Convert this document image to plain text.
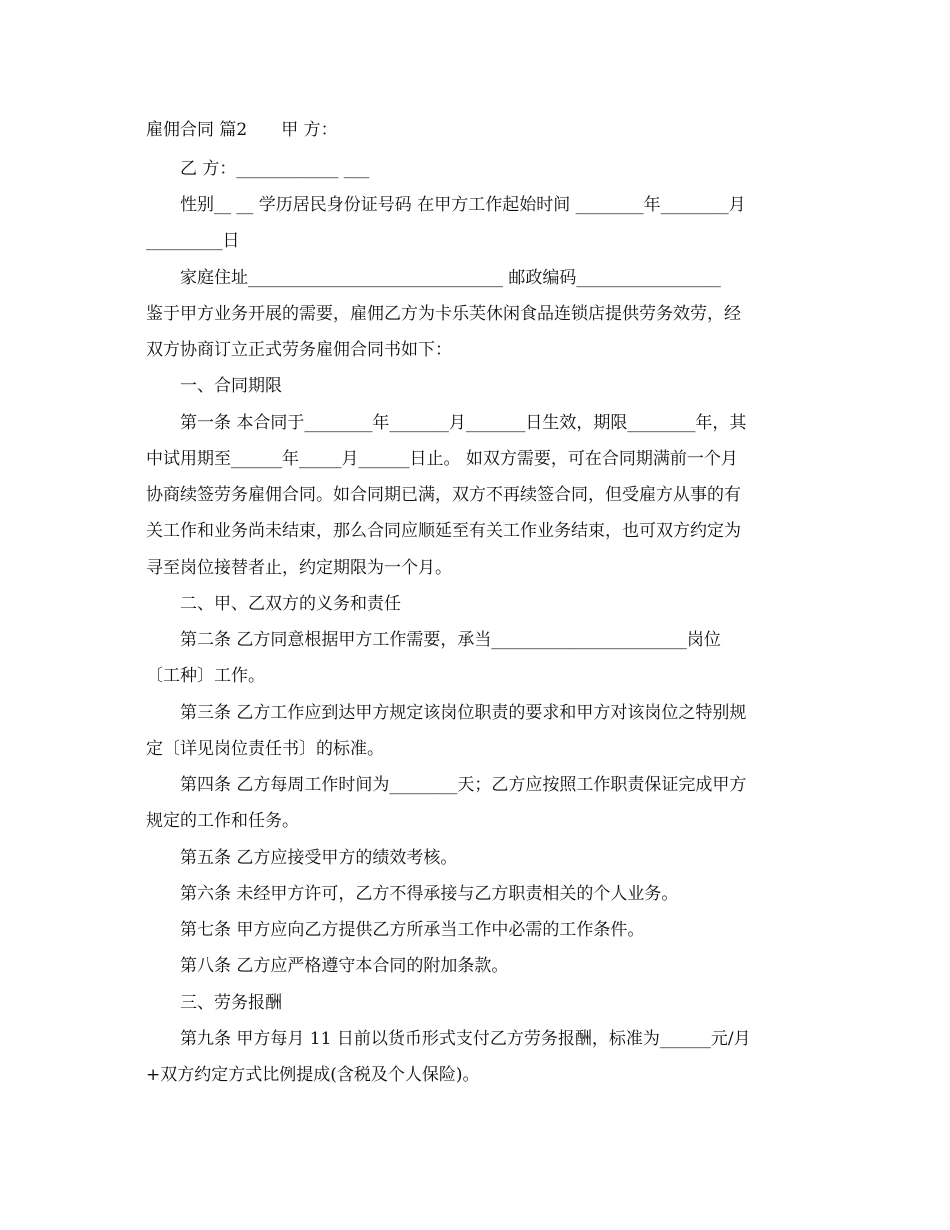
雇佣合同 篇2　　甲 方：
乙 方：____________ ___
性别__ __ 学历居民身份证号码 在甲方工作起始时间 ________年________月
_________日
家庭住址______________________________ 邮政编码_________________
鉴于甲方业务开展的需要，雇佣乙方为卡乐芙休闲食品连锁店提供劳务效劳，经
双方协商订立正式劳务雇佣合同书如下：
一、合同期限
第一条 本合同于________年_______月_______日生效，期限________年，其
中试用期至______年_____月______日止。 如双方需要，可在合同期满前一个月
协商续签劳务雇佣合同。如合同期已满，双方不再续签合同，但受雇方从事的有
关工作和业务尚未结束，那么合同应顺延至有关工作业务结束，也可双方约定为
寻至岗位接替者止，约定期限为一个月。
二、甲、乙双方的义务和责任
第二条 乙方同意根据甲方工作需要，承当_______________________岗位
〔工种〕工作。
第三条 乙方工作应到达甲方规定该岗位职责的要求和甲方对该岗位之特别规
定〔详见岗位责任书〕的标准。
第四条 乙方每周工作时间为________天；乙方应按照工作职责保证完成甲方
规定的工作和任务。
第五条 乙方应接受甲方的绩效考核。
第六条 未经甲方许可，乙方不得承接与乙方职责相关的个人业务。
第七条 甲方应向乙方提供乙方所承当工作中必需的工作条件。
第八条 乙方应严格遵守本合同的附加条款。
三、劳务报酬
第九条 甲方每月 11 日前以货币形式支付乙方劳务报酬，标准为______元/月
+双方约定方式比例提成(含税及个人保险)。
